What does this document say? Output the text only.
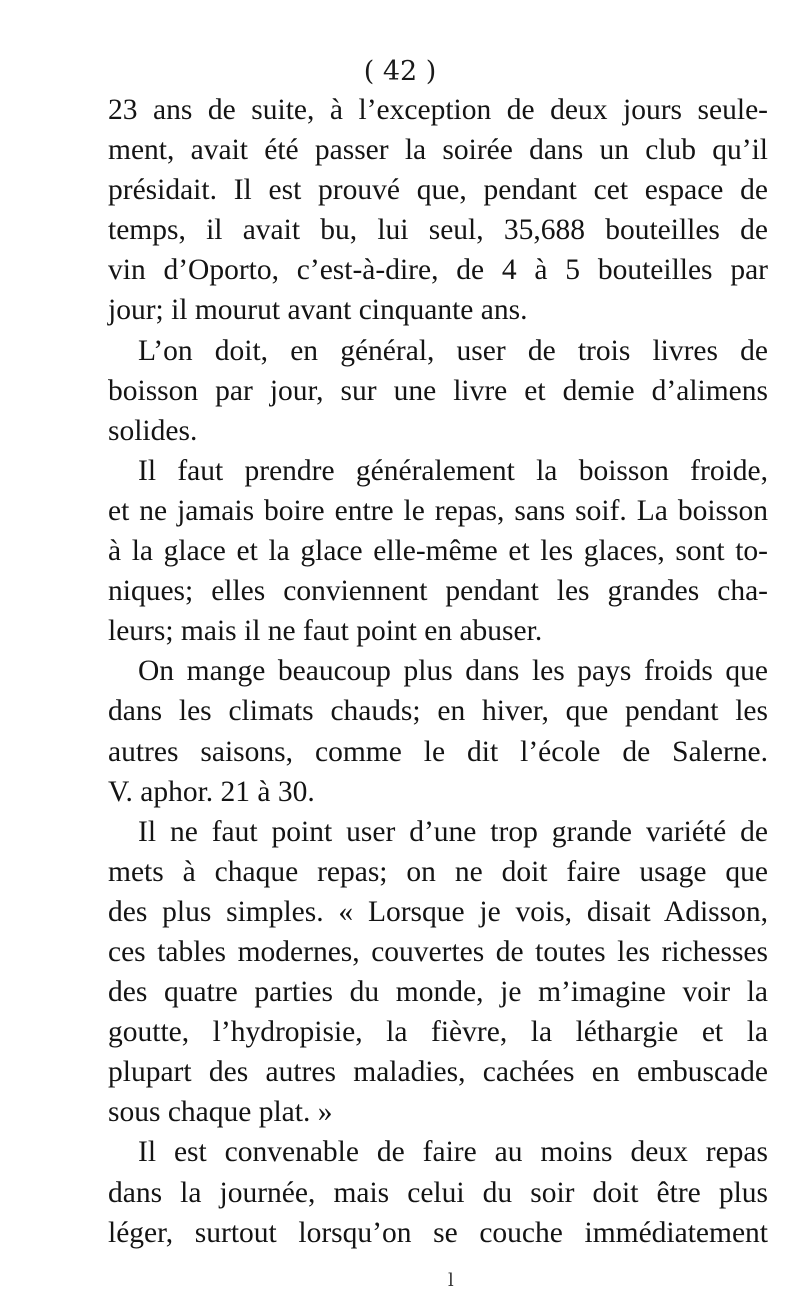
( 42 )
23 ans de suite, à l’exception de deux jours seule-
ment, avait été passer la soirée dans un club qu’il
présidait. Il est prouvé que, pendant cet espace de
temps, il avait bu, lui seul, 35,688 bouteilles de
vin d’Oporto, c’est-à-dire, de 4 à 5 bouteilles par
jour; il mourut avant cinquante ans.
L’on doit, en général, user de trois livres de
boisson par jour, sur une livre et demie d’alimens
solides.
Il faut prendre généralement la boisson froide,
et ne jamais boire entre le repas, sans soif. La boisson
à la glace et la glace elle-même et les glaces, sont to-
niques; elles conviennent pendant les grandes cha-
leurs; mais il ne faut point en abuser.
On mange beaucoup plus dans les pays froids que
dans les climats chauds; en hiver, que pendant les
autres saisons, comme le dit l’école de Salerne.
V. aphor. 21 à 30.
Il ne faut point user d’une trop grande variété de
mets à chaque repas; on ne doit faire usage que
des plus simples. « Lorsque je vois, disait Adisson,
ces tables modernes, couvertes de toutes les richesses
des quatre parties du monde, je m’imagine voir la
goutte, l’hydropisie, la fièvre, la léthargie et la
plupart des autres maladies, cachées en embuscade
sous chaque plat. »
Il est convenable de faire au moins deux repas
dans la journée, mais celui du soir doit être plus
léger, surtout lorsqu’on se couche immédiatement
l
